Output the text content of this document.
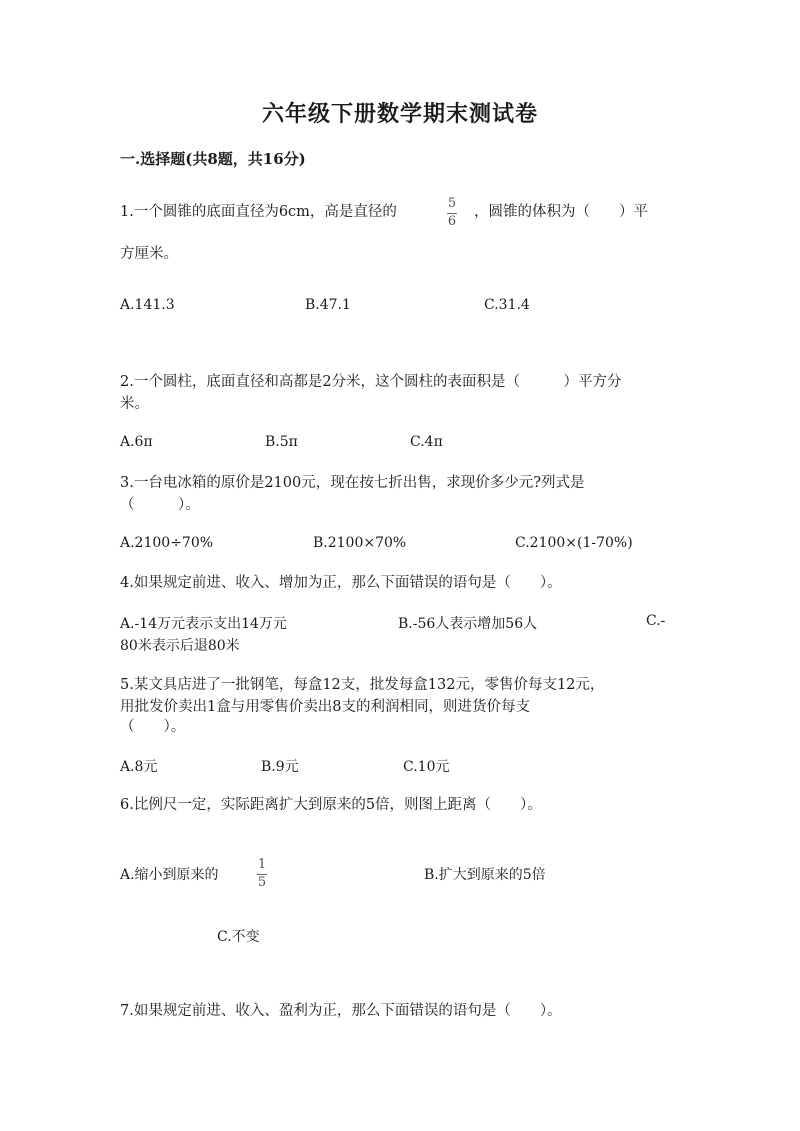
六年级下册数学期末测试卷
一.选择题(共8题，共16分)
1.一个圆锥的底面直径为6cm，高是直径的
5
6
，圆锥的体积为（　　）平
方厘米。
A.141.3	B.47.1	C.31.4
2.一个圆柱，底面直径和高都是2分米，这个圆柱的表面积是（　　　）平方分
米。
A.6π	B.5π	C.4π
3.一台电冰箱的原价是2100元，现在按七折出售，求现价多少元?列式是
（　　　）。
A.2100÷70%	B.2100×70%	C.2100×(1-70%)
4.如果规定前进、收入、增加为正，那么下面错误的语句是（　　）。
A.-14万元表示支出14万元	B.-56人表示增加56人	C.-
80米表示后退80米
5.某文具店进了一批钢笔，每盒12支，批发每盒132元，零售价每支12元，
用批发价卖出1盒与用零售价卖出8支的利润相同，则进货价每支
（　　）。
A.8元	B.9元	C.10元
6.比例尺一定，实际距离扩大到原来的5倍，则图上距离（　　）。
A.缩小到原来的
1
5	B.扩大到原来的5倍
C.不变
7.如果规定前进、收入、盈利为正，那么下面错误的语句是（　　）。
